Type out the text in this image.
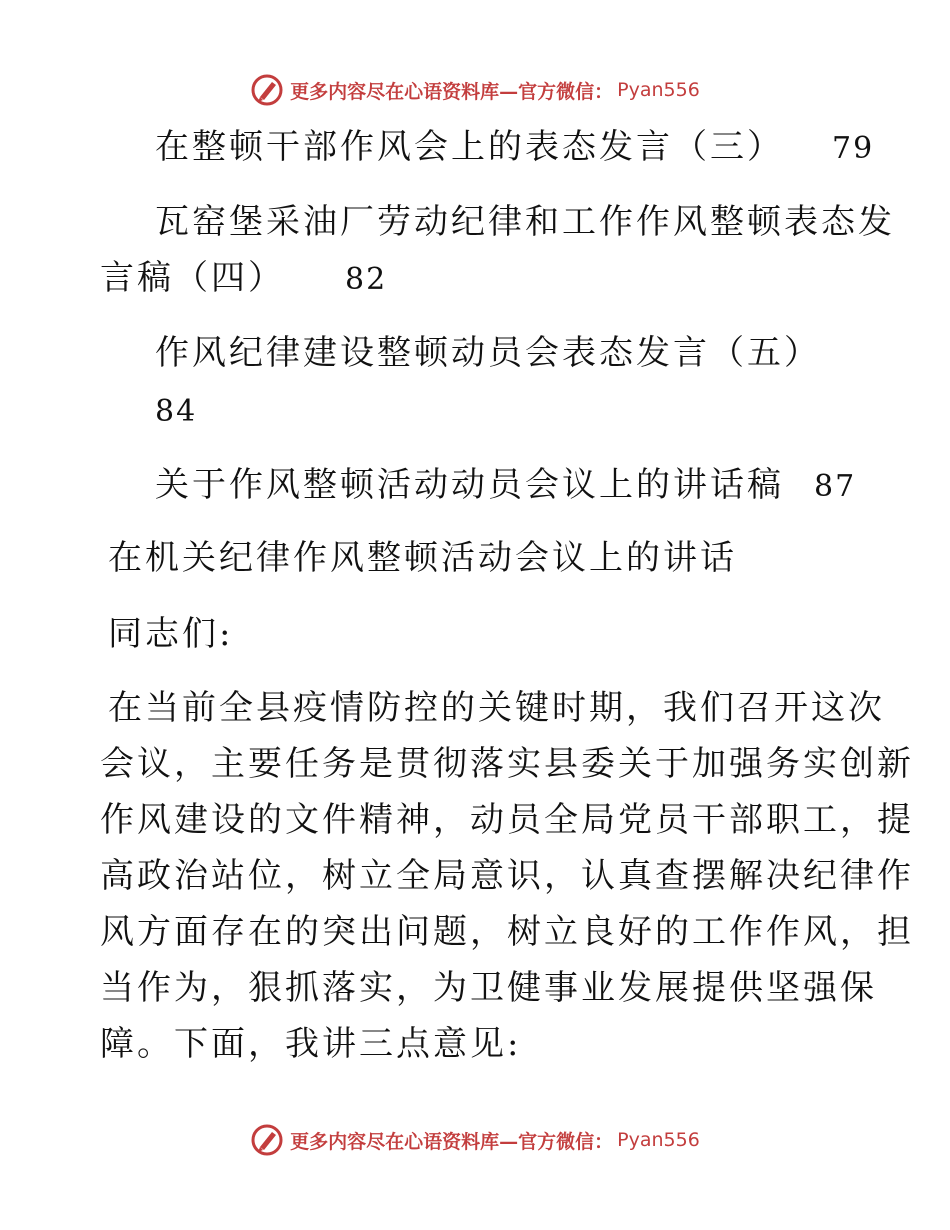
更多内容尽在心语资料库—官方微信： Pyan556
在整顿干部作风会上的表态发言（三） 79
瓦窑堡采油厂劳动纪律和工作作风整顿表态发
言稿（四） 82
作风纪律建设整顿动员会表态发言（五）
84
关于作风整顿活动动员会议上的讲话稿 87
在机关纪律作风整顿活动会议上的讲话
同志们:
在当前全县疫情防控的关键时期，我们召开这次
会议，主要任务是贯彻落实县委关于加强务实创新
作风建设的文件精神，动员全局党员干部职工，提
高政治站位，树立全局意识，认真查摆解决纪律作
风方面存在的突出问题，树立良好的工作作风，担
当作为，狠抓落实，为卫健事业发展提供坚强保
障。下面，我讲三点意见:
更多内容尽在心语资料库—官方微信： Pyan556
